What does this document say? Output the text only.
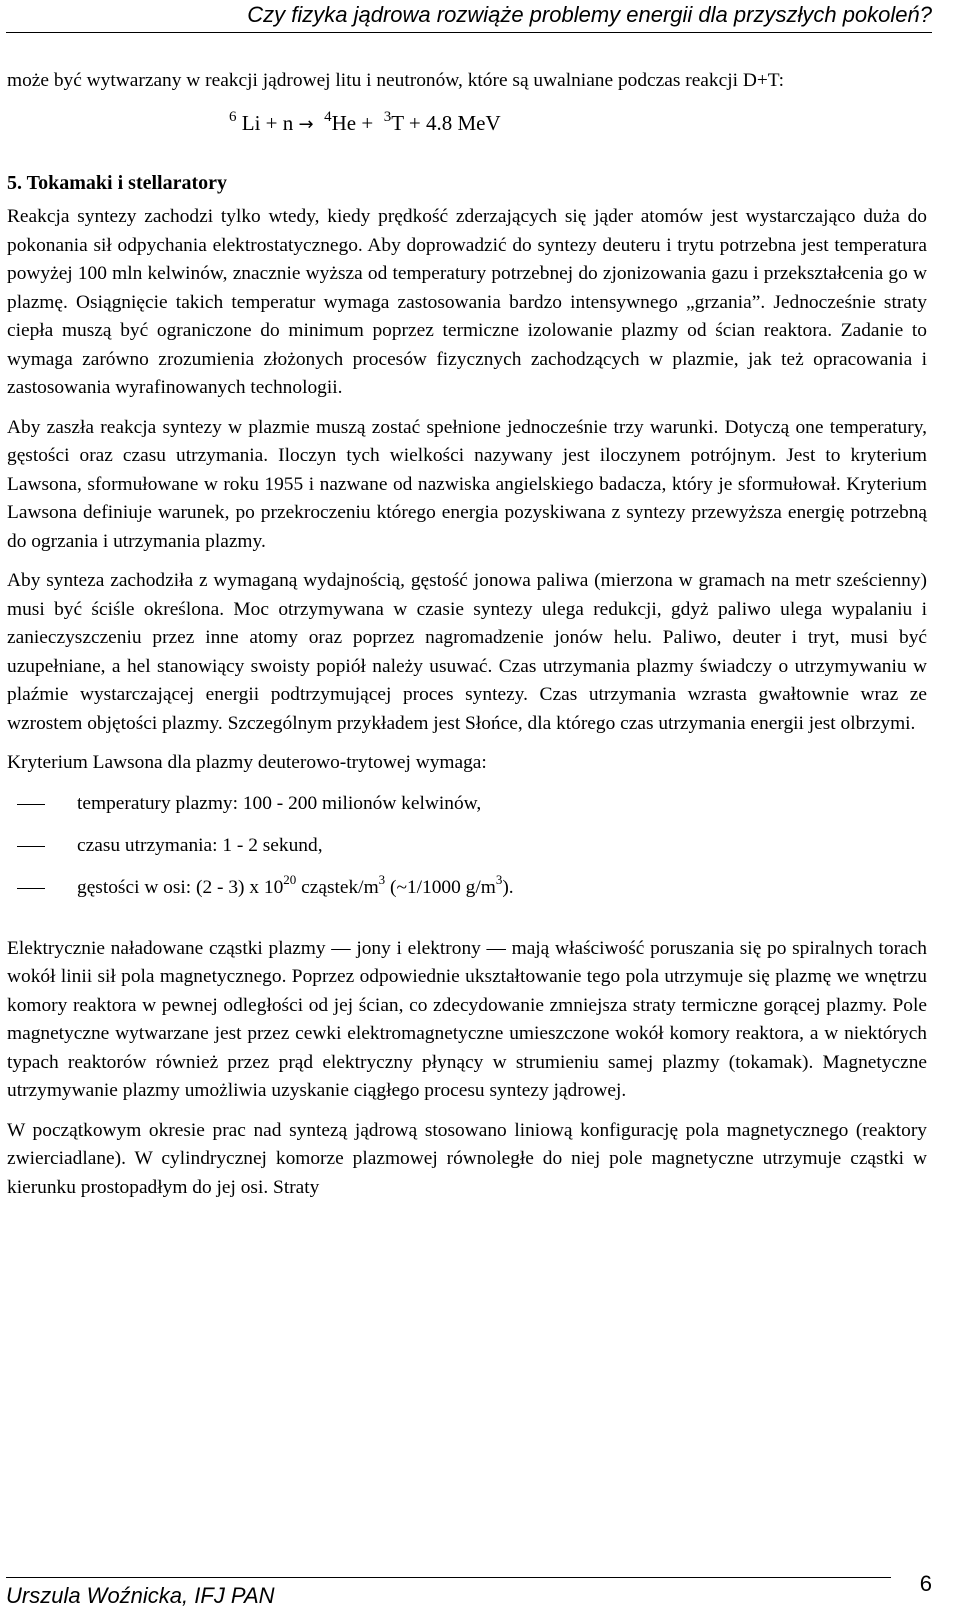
Czy fizyka jądrowa rozwiąże problemy energii dla przyszłych pokoleń?

może być wytwarzany w reakcji jądrowej litu i neutronów, które są uwalniane podczas reakcji D+T:

$^6$ Li + n → $^4$He + $^3$T + 4.8 MeV
5. Tokamaki i stellaratory

Reakcja syntezy zachodzi tylko wtedy, kiedy prędkość zderzających się jąder atomów jest wystarczająco duża do pokonania sił odpychania elektrostatycznego. Aby doprowadzić do syntezy deuteru i trytu potrzebna jest temperatura powyżej 100 mln kelwinów, znacznie wyższa od temperatury potrzebnej do zjonizowania gazu i przekształcenia go w plazmę. Osiągnięcie takich temperatur wymaga zastosowania bardzo intensywnego „grzania”. Jednocześnie straty ciepła muszą być ograniczone do minimum poprzez termiczne izolowanie plazmy od ścian reaktora. Zadanie to wymaga zarówno zrozumienia złożonych procesów fizycznych zachodzących w plazmie, jak też opracowania i zastosowania wyrafinowanych technologii.

Aby zaszła reakcja syntezy w plazmie muszą zostać spełnione jednocześnie trzy warunki. Dotyczą one temperatury, gęstości oraz czasu utrzymania. Iloczyn tych wielkości nazywany jest iloczynem potrójnym. Jest to kryterium Lawsona, sformułowane w roku 1955 i nazwane od nazwiska angielskiego badacza, który je sformułował. Kryterium Lawsona definiuje warunek, po przekroczeniu którego energia pozyskiwana z syntezy przewyższa energię potrzebną do ogrzania i utrzymania plazmy.

Aby synteza zachodziła z wymaganą wydajnością, gęstość jonowa paliwa (mierzona w gramach na metr sześcienny) musi być ściśle określona. Moc otrzymywana w czasie syntezy ulega redukcji, gdyż paliwo ulega wypalaniu i zanieczyszczeniu przez inne atomy oraz poprzez nagromadzenie jonów helu. Paliwo, deuter i tryt, musi być uzupełniane, a hel stanowiący swoisty popiół należy usuwać. Czas utrzymania plazmy świadczy o utrzymywaniu w plaźmie wystarczającej energii podtrzymującej proces syntezy. Czas utrzymania wzrasta gwałtownie wraz ze wzrostem objętości plazmy. Szczególnym przykładem jest Słońce, dla którego czas utrzymania energii jest olbrzymi.

Kryterium Lawsona dla plazmy deuterowo-trytowej wymaga:

temperatury plazmy: 100 - 200 milionów kelwinów,
czasu utrzymania: 1 - 2 sekund,
gęstości w osi: (2 - 3) x $10^{20}$ cząstek/$m^3$ (~1/1000 $g/m^3$).

Elektrycznie naładowane cząstki plazmy — jony i elektrony — mają właściwość poruszania się po spiralnych torach wokół linii sił pola magnetycznego. Poprzez odpowiednie ukształtowanie tego pola utrzymuje się plazmę we wnętrzu komory reaktora w pewnej odległości od jej ścian, co zdecydowanie zmniejsza straty termiczne gorącej plazmy. Pole magnetyczne wytwarzane jest przez cewki elektromagnetyczne umieszczone wokół komory reaktora, a w niektórych typach reaktorów również przez prąd elektryczny płynący w strumieniu samej plazmy (tokamak). Magnetyczne utrzymywanie plazmy umożliwia uzyskanie ciągłego procesu syntezy jądrowej.

W początkowym okresie prac nad syntezą jądrową stosowano liniową konfigurację pola magnetycznego (reaktory zwierciadlane). W cylindrycznej komorze plazmowej równoległe do niej pole magnetyczne utrzymuje cząstki w kierunku prostopadłym do jej osi. Straty

Urszula Woźnicka, IFJ PAN	6
